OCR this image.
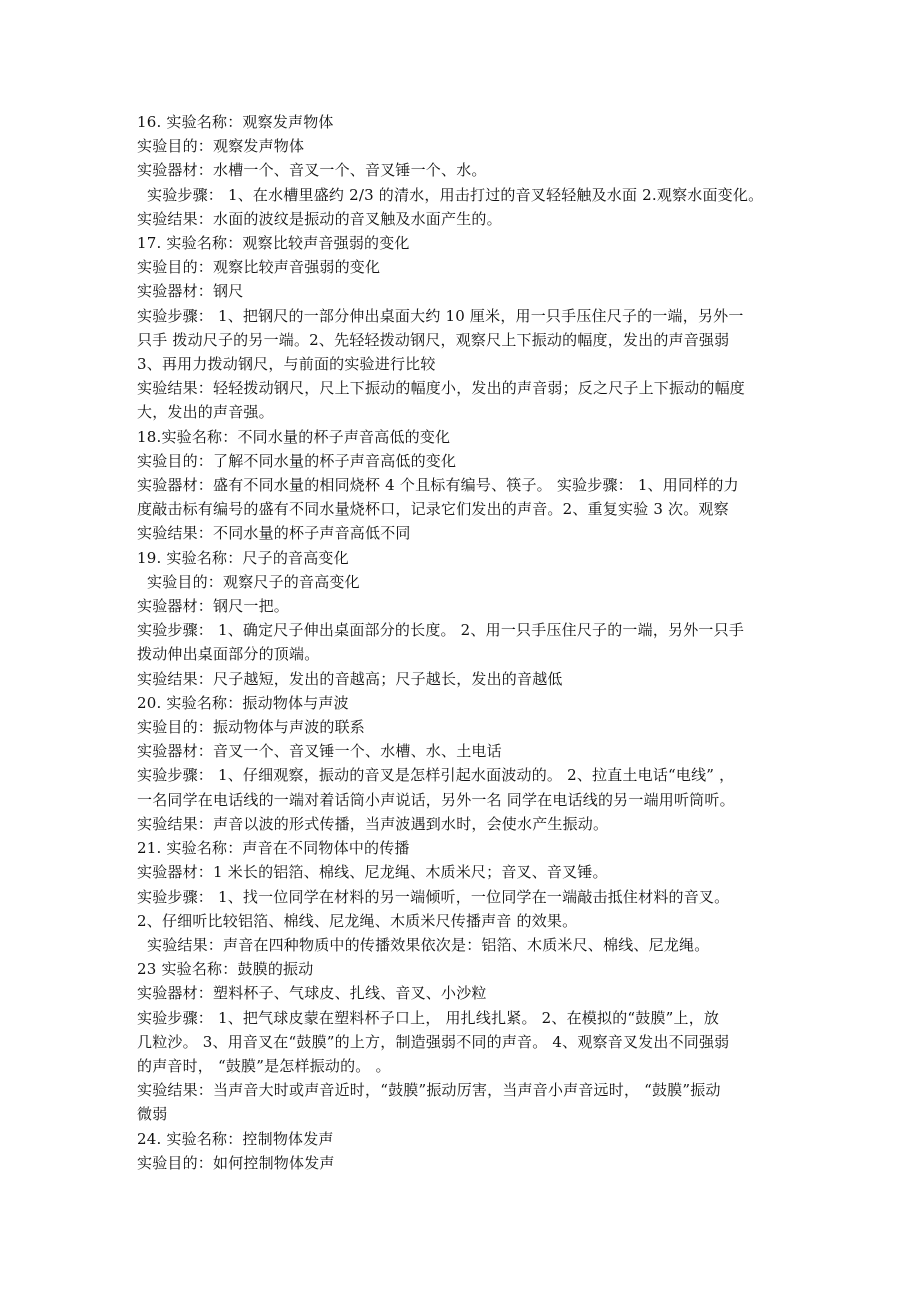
16. 实验名称：观察发声物体
实验目的：观察发声物体
实验器材：水槽一个、音叉一个、音叉锤一个、水。
实验步骤： 1、在水槽里盛约 2/3 的清水，用击打过的音叉轻轻触及水面 2.观察水面变化。
实验结果：水面的波纹是振动的音叉触及水面产生的。
17. 实验名称：观察比较声音强弱的变化
实验目的：观察比较声音强弱的变化
实验器材：钢尺
实验步骤： 1、把钢尺的一部分伸出桌面大约 10 厘米，用一只手压住尺子的一端，另外一
只手 拨动尺子的另一端。2、先轻轻拨动钢尺，观察尺上下振动的幅度，发出的声音强弱
3、再用力拨动钢尺，与前面的实验进行比较
实验结果：轻轻拨动钢尺，尺上下振动的幅度小，发出的声音弱；反之尺子上下振动的幅度
大，发出的声音强。
18.实验名称：不同水量的杯子声音高低的变化
实验目的：了解不同水量的杯子声音高低的变化
实验器材：盛有不同水量的相同烧杯 4 个且标有编号、筷子。 实验步骤： 1、用同样的力
度敲击标有编号的盛有不同水量烧杯口，记录它们发出的声音。2、重复实验 3 次。观察
实验结果：不同水量的杯子声音高低不同
19. 实验名称：尺子的音高变化
实验目的：观察尺子的音高变化
实验器材：钢尺一把。
实验步骤： 1、确定尺子伸出桌面部分的长度。 2、用一只手压住尺子的一端，另外一只手
拨动伸出桌面部分的顶端。
实验结果：尺子越短，发出的音越高；尺子越长，发出的音越低
20. 实验名称：振动物体与声波
实验目的：振动物体与声波的联系
实验器材：音叉一个、音叉锤一个、水槽、水、土电话
实验步骤： 1、仔细观察，振动的音叉是怎样引起水面波动的。 2、拉直土电话“电线” ，
一名同学在电话线的一端对着话筒小声说话，另外一名 同学在电话线的另一端用听筒听。
实验结果：声音以波的形式传播，当声波遇到水时，会使水产生振动。
21. 实验名称：声音在不同物体中的传播
实验器材：1 米长的铝箔、棉线、尼龙绳、木质米尺；音叉、音叉锤。
实验步骤： 1、找一位同学在材料的另一端倾听，一位同学在一端敲击抵住材料的音叉。
2、仔细听比较铝箔、棉线、尼龙绳、木质米尺传播声音 的效果。
实验结果：声音在四种物质中的传播效果依次是：铝箔、木质米尺、棉线、尼龙绳。
23 实验名称：鼓膜的振动
实验器材：塑料杯子、气球皮、扎线、音叉、小沙粒
实验步骤： 1、把气球皮蒙在塑料杯子口上， 用扎线扎紧。 2、在模拟的“鼓膜”上，放
几粒沙。 3、用音叉在“鼓膜”的上方，制造强弱不同的声音。 4、观察音叉发出不同强弱
的声音时， “鼓膜”是怎样振动的。 。
实验结果：当声音大时或声音近时，“鼓膜”振动厉害，当声音小声音远时， “鼓膜”振动
微弱
24. 实验名称：控制物体发声
实验目的：如何控制物体发声
